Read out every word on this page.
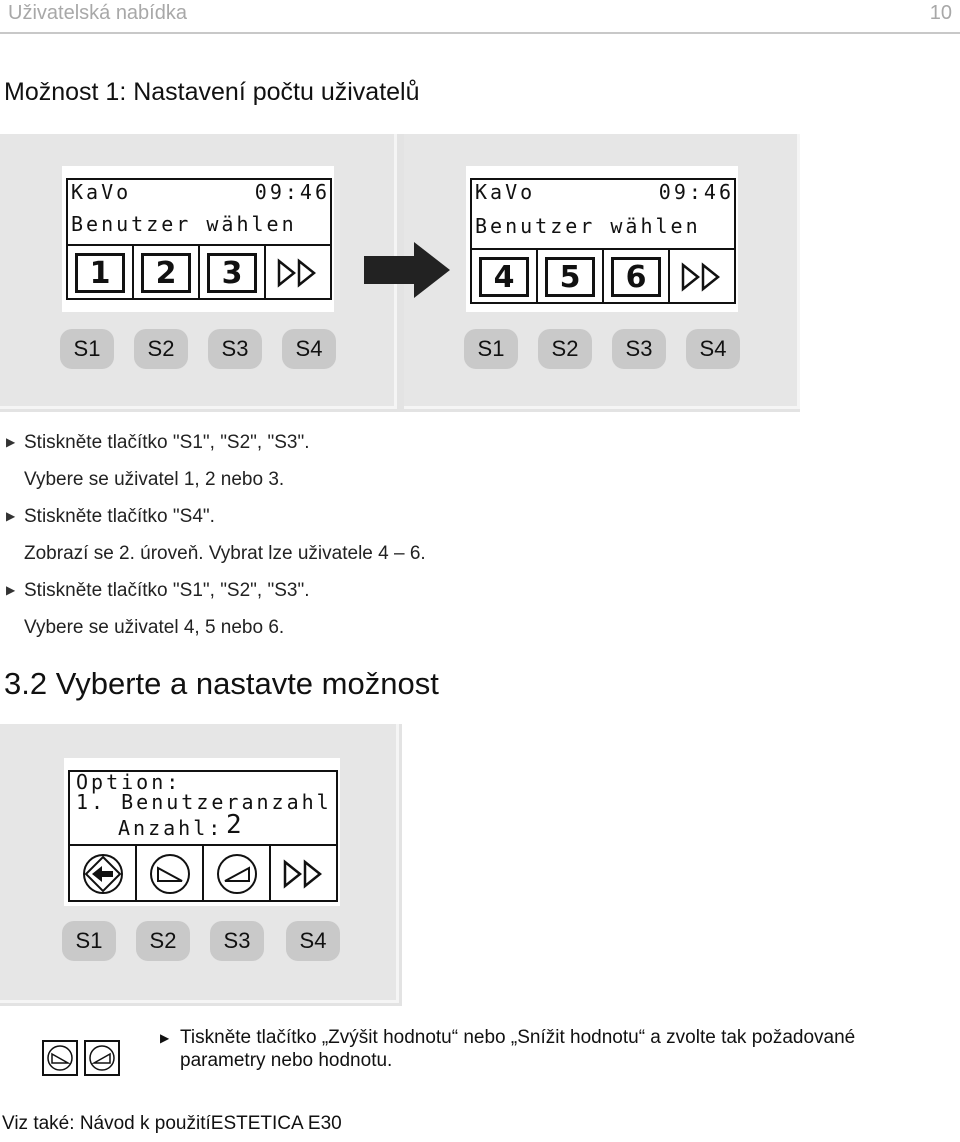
Uživatelská nabídka	10
Možnost 1: Nastavení počtu uživatelů
KaVo	09:46
Benutzer wählen
1	2	3
KaVo	09:46
Benutzer wählen
4	5	6
S1	S2	S3	S4	S1	S2	S3	S4
▶ Stiskněte tlačítko "S1", "S2", "S3".
Vybere se uživatel 1, 2 nebo 3.
▶ Stiskněte tlačítko "S4".
Zobrazí se 2. úroveň. Vybrat lze uživatele 4 – 6.
▶ Stiskněte tlačítko "S1", "S2", "S3".
Vybere se uživatel 4, 5 nebo 6.
3.2 Vyberte a nastavte možnost
Option:
1. Benutzeranzahl
Anzahl: 2
S1	S2	S3	S4
▶ Tiskněte tlačítko „Zvýšit hodnotu“ nebo „Snížit hodnotu“ a zvolte tak požadované parametry nebo hodnotu.
Viz také: Návod k použitíESTETICA E30
